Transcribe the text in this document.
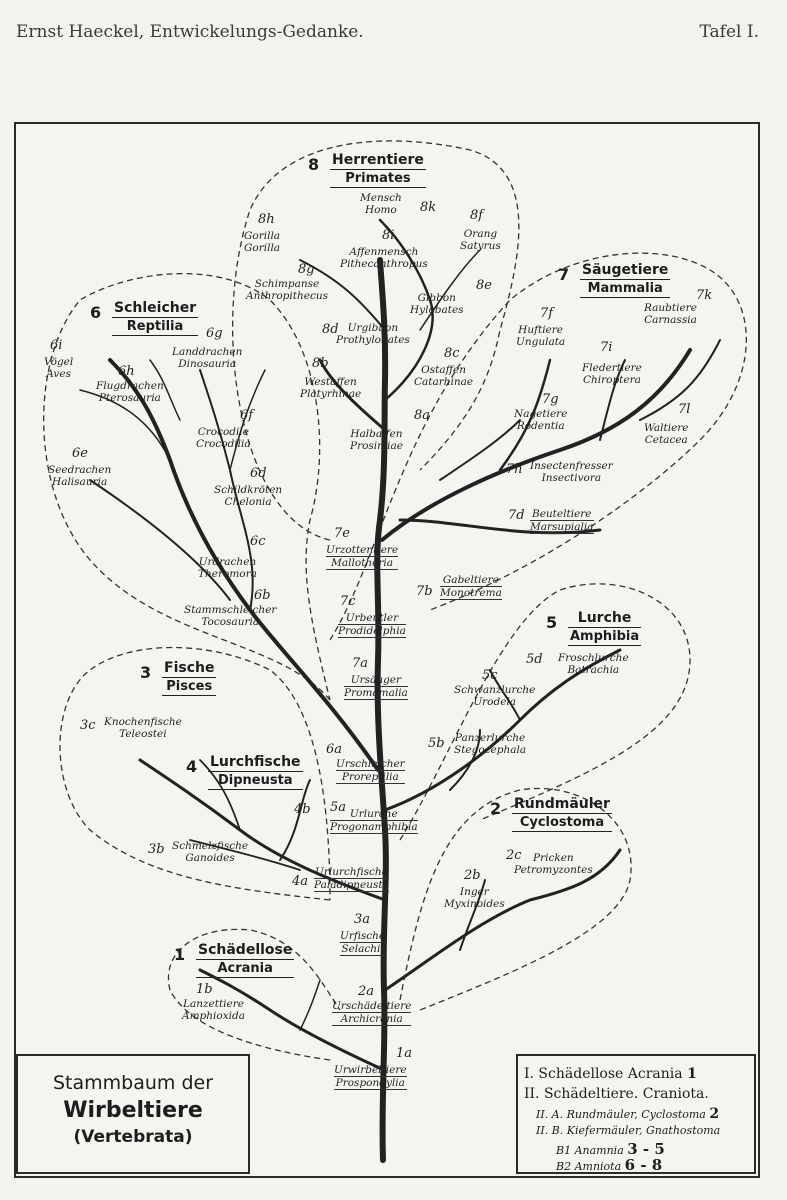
Ernst Haeckel, Entwickelungs-Gedanke.	Tafel I.
8 Herrentiere
Primates
7 Säugetiere
Mammalia
6 Schleicher
Reptilia
5	Lurche
Amphibia
3 Fische
Pisces
4 Lurchfische
Dipneusta
2 Rundmäuler
Cyclostoma
1 Schädellose
Acrania
8k
Mensch
Homo	8f
Orang
Satyrus
8h
Gorilla
Gorilla
8i
Affenmensch
Pithecanthropus
8g
Schimpanse
Anthropithecus
8e
Gibbon
Hylobates
8d Urgibbon
Prothylobates
8c
Ostaffen
Catarhinae
8b
Westaffen
Platyrhinae
8a
Halbaffen
Prosimiae
7k
Raubtiere
Carnassia
7f
Huftiere
Ungulata	7i
Fledertiere
Chiroptera
7g
Nagetiere
Rodentia
7l
Waltiere
Cetacea
7h Insectenfresser
Insectivora
7d Beuteltiere
Marsupialia
7e
Urzottentiere
Mallotheria
7b
Gabeltiere
Monotrema
7c
Urbeutler
Prodidelphia
7a
Ursäuger
Promamalia
6i
Vögel
Aves
6g
Landdrachen
Dinosauria
6h
Flugdrachen
Pterosauria
6f
Crocodile
Crocodilia
6e
Seedrachen
Halisauria
6d
Schildkröten
Chelonia
6c
Urdrachen
Theromora
6b
Stammschleicher
Tocosauria
6a
Urschleicher
Proreptilia
5d Froschlurche
Batrachia
5c
Schwanzlurche
Urodela
5b Panzerlurche
Stegocephala
5a Urlurche
Progonamphibia
3c Knochenfische
Teleostei
4b
3b Schmelzfische
Ganoides
4a
Urlurchfische
Paladipneusta
3a
Urfische
Selachii
2c	Pricken
Petromyzontes
2b
Inger
Myxinoides
2a
Urschädeltiere
Archicrania
1b
Lanzettiere
Amphioxida
1a
Urwirbeltiere
Prospondylia
Stammbaum der
Wirbeltiere
(Vertebrata)
I. Schädellose Acrania 1
II. Schädeltiere. Craniota.
II. A. Rundmäuler, Cyclostoma 2
II. B. Kiefermäuler, Gnathostoma
B1 Anamnia 3 - 5
B2 Amniota 6 - 8
